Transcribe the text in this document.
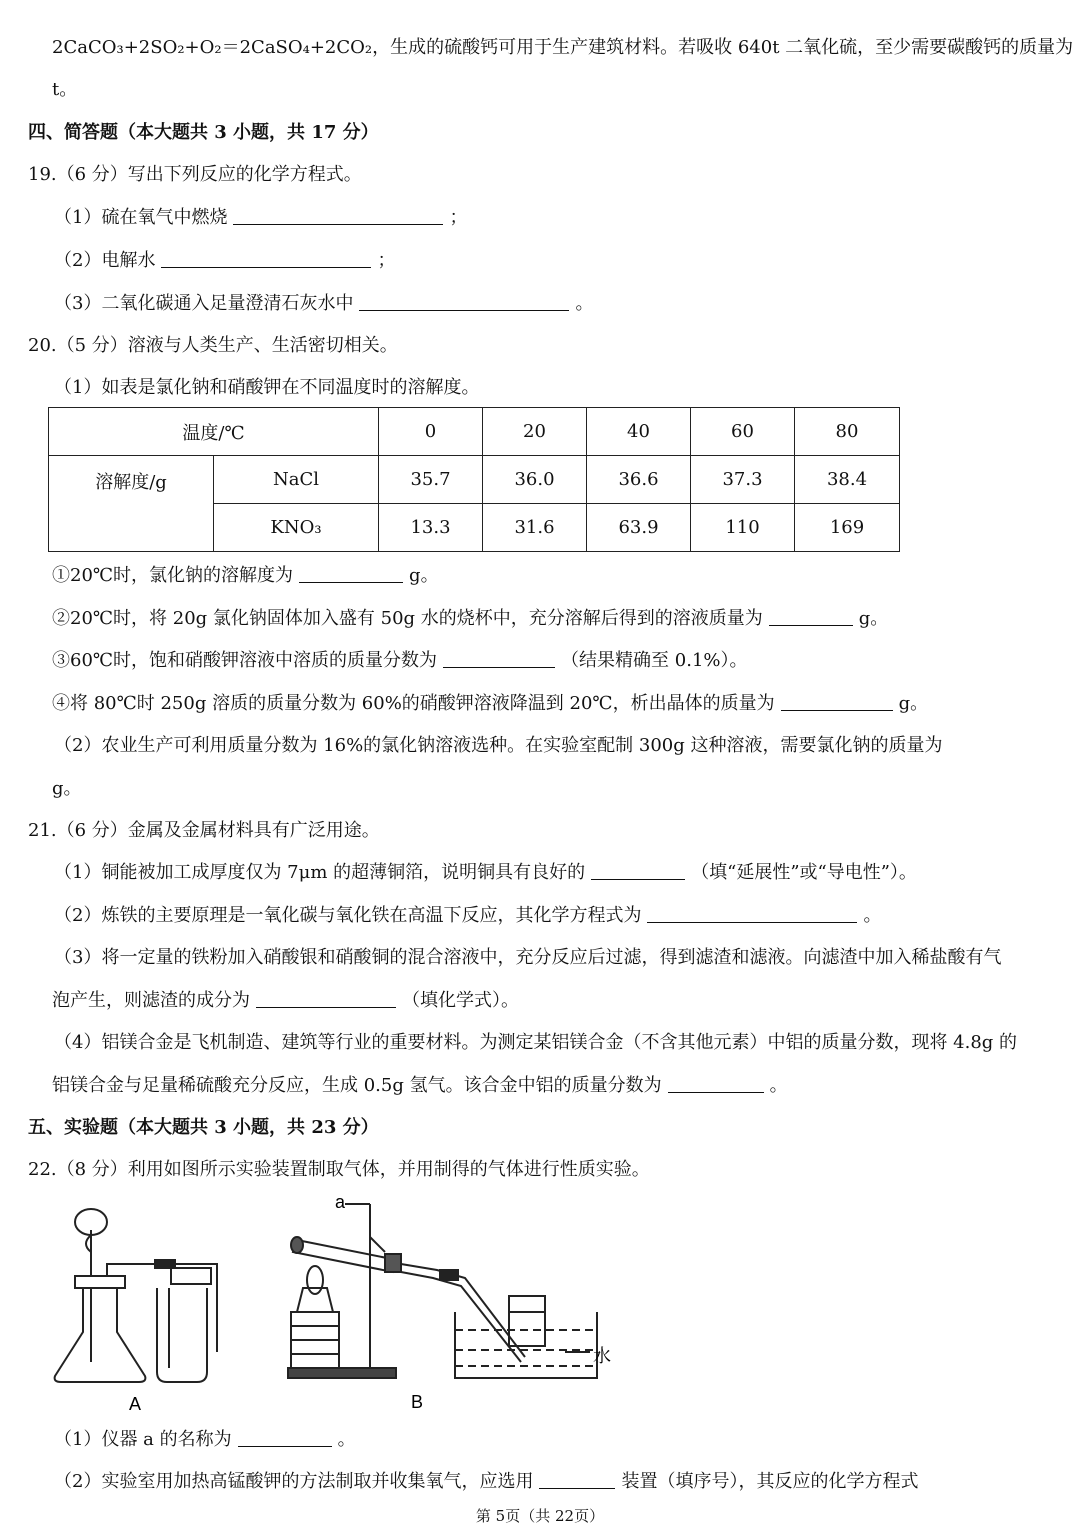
2CaCO₃+2SO₂+O₂＝2CaSO₄+2CO₂，生成的硫酸钙可用于生产建筑材料。若吸收 640t 二氧化硫，至少需要碳酸钙的质量为
t。
四、简答题（本大题共 3 小题，共 17 分）
19.（6 分）写出下列反应的化学方程式。
（1）硫在氧气中燃烧	；
（2）电解水	；
（3）二氧化碳通入足量澄清石灰水中	。
20.（5 分）溶液与人类生产、生活密切相关。
（1）如表是氯化钠和硝酸钾在不同温度时的溶解度。
温度/℃		0	20	40	60	80
溶解度/g	NaCl	35.7	36.0	36.6	37.3	38.4
	KNO₃	13.3	31.6	63.9	110	169
①20℃时，氯化钠的溶解度为	g。
②20℃时，将 20g 氯化钠固体加入盛有 50g 水的烧杯中，充分溶解后得到的溶液质量为	g。
③60℃时，饱和硝酸钾溶液中溶质的质量分数为	（结果精确至 0.1%）。
④将 80℃时 250g 溶质的质量分数为 60%的硝酸钾溶液降温到 20℃，析出晶体的质量为	g。
（2）农业生产可利用质量分数为 16%的氯化钠溶液选种。在实验室配制 300g 这种溶液，需要氯化钠的质量为
g。
21.（6 分）金属及金属材料具有广泛用途。
（1）铜能被加工成厚度仅为 7μm 的超薄铜箔，说明铜具有良好的	（填“延展性”或“导电性”）。
（2）炼铁的主要原理是一氧化碳与氧化铁在高温下反应，其化学方程式为	。
（3）将一定量的铁粉加入硝酸银和硝酸铜的混合溶液中，充分反应后过滤，得到滤渣和滤液。向滤渣中加入稀盐酸有气
泡产生，则滤渣的成分为	（填化学式）。
（4）铝镁合金是飞机制造、建筑等行业的重要材料。为测定某铝镁合金（不含其他元素）中铝的质量分数，现将 4.8g 的
铝镁合金与足量稀硫酸充分反应，生成 0.5g 氢气。该合金中铝的质量分数为	。
五、实验题（本大题共 3 小题，共 23 分）
22.（8 分）利用如图所示实验装置制取气体，并用制得的气体进行性质实验。
A
a
水
B
（1）仪器 a 的名称为	。
（2）实验室用加热高锰酸钾的方法制取并收集氧气，应选用	装置（填序号），其反应的化学方程式
第 5页（共 22页）
